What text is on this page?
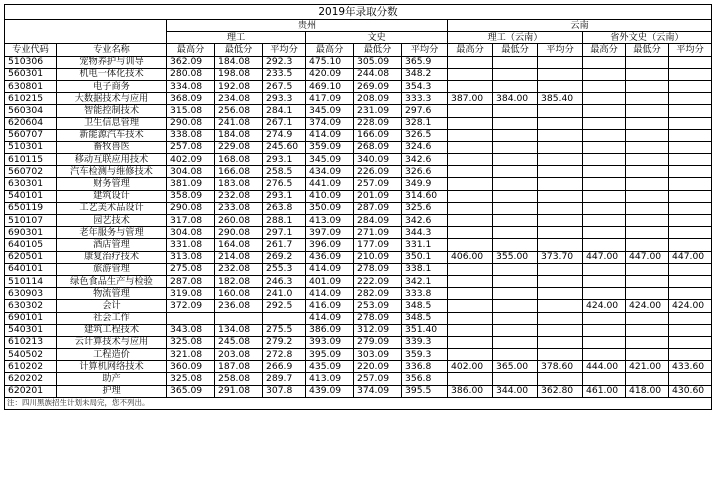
2019年录取分数													
		贵州						云南					
		理工			文史			理工（云南）			省外文史（云南）		
专业代码	专业名称	最高分	最低分	平均分	最高分	最低分	平均分	最高分	最低分	平均分	最高分	最低分	平均分
510306	宠物养护与训导	362.09	184.08	292.3	475.10	305.09	365.9						
560301	机电一体化技术	280.08	198.08	233.5	420.09	244.08	348.2						
630801	电子商务	334.08	192.08	267.5	469.10	269.09	354.3						
610215	大数据技术与应用	368.09	234.08	293.3	417.09	208.09	333.3	387.00	384.00	385.40			
560304	智能控制技术	315.08	256.08	284.1	345.09	231.09	297.6						
620604	卫生信息管理	290.08	241.08	267.1	374.09	228.09	328.1						
560707	新能源汽车技术	338.08	184.08	274.9	414.09	166.09	326.5						
510301	畜牧兽医	257.08	229.08	245.60	359.09	268.09	324.6						
610115	移动互联应用技术	402.09	168.08	293.1	345.09	340.09	342.6						
560702	汽车检测与维修技术	304.08	166.08	258.5	434.09	226.09	326.6						
630301	财务管理	381.09	183.08	276.5	441.09	257.09	349.9						
540101	建筑设计	358.09	232.08	293.1	410.09	201.09	314.60						
650119	工艺美术品设计	290.08	233.08	263.8	350.09	287.09	325.6						
510107	园艺技术	317.08	260.08	288.1	413.09	284.09	342.6						
690301	老年服务与管理	304.08	290.08	297.1	397.09	271.09	344.3						
640105	酒店管理	331.08	164.08	261.7	396.09	177.09	331.1						
620501	康复治疗技术	313.08	214.08	269.2	436.09	210.09	350.1	406.00	355.00	373.70	447.00	447.00	447.00
640101	旅游管理	275.08	232.08	255.3	414.09	278.09	338.1						
510114	绿色食品生产与检验	287.08	182.08	246.3	401.09	222.09	342.1						
630903	物流管理	319.08	160.08	241.0	414.09	282.09	333.8						
630302	会计	372.09	236.08	292.5	416.09	253.09	348.5				424.00	424.00	424.00
690101	社会工作				414.09	278.09	348.5						
540301	建筑工程技术	343.08	134.08	275.5	386.09	312.09	351.40						
610213	云计算技术与应用	325.08	245.08	279.2	393.09	279.09	339.3						
540502	工程造价	321.08	203.08	272.8	395.09	303.09	359.3						
610202	计算机网络技术	360.09	187.08	266.9	435.09	220.09	336.8	402.00	365.00	378.60	444.00	421.00	433.60
620202	助产	325.08	258.08	289.7	413.09	257.09	356.8						
620201	护理	365.09	291.08	307.8	439.09	374.09	395.5	386.00	344.00	362.80	461.00	418.00	430.60
注：四川黑族招生计划未局完，您不列出。													
